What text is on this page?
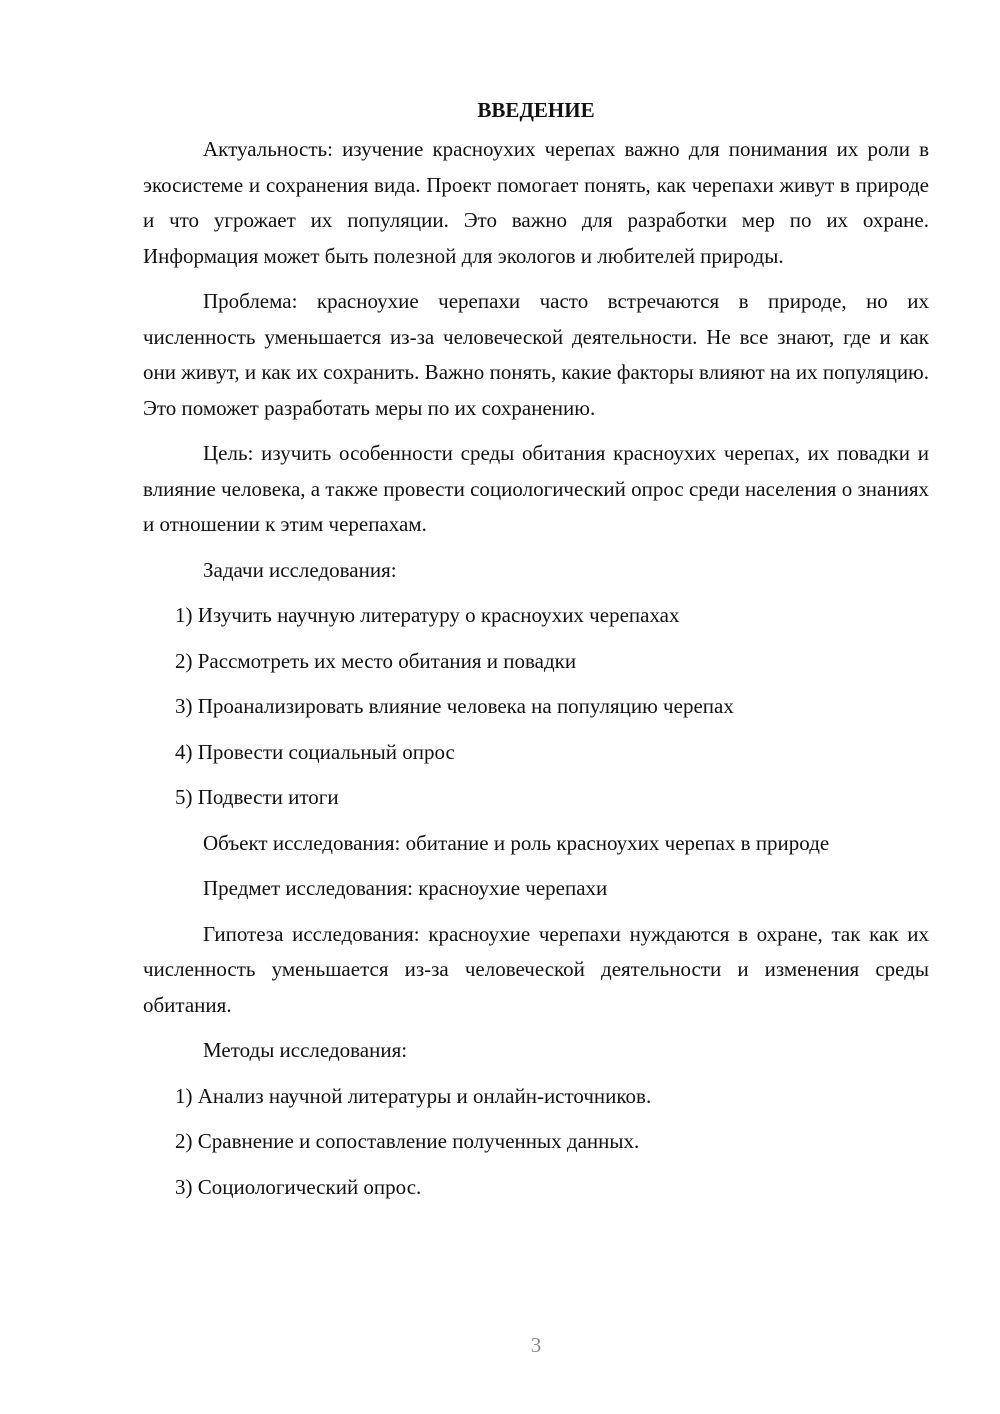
ВВЕДЕНИЕ

Актуальность: изучение красноухих черепах важно для понимания их роли в экосистеме и сохранения вида. Проект помогает понять, как черепахи живут в природе и что угрожает их популяции. Это важно для разработки мер по их охране. Информация может быть полезной для экологов и любителей природы.

Проблема: красноухие черепахи часто встречаются в природе, но их численность уменьшается из-за человеческой деятельности. Не все знают, где и как они живут, и как их сохранить. Важно понять, какие факторы влияют на их популяцию. Это поможет разработать меры по их сохранению.

Цель: изучить особенности среды обитания красноухих черепах, их повадки и влияние человека, а также провести социологический опрос среди населения о знаниях и отношении к этим черепахам.

Задачи исследования:

1) Изучить научную литературу о красноухих черепахах
2) Рассмотреть их место обитания и повадки
3) Проанализировать влияние человека на популяцию черепах
4) Провести социальный опрос
5) Подвести итоги

Объект исследования: обитание и роль красноухих черепах в природе

Предмет исследования: красноухие черепахи

Гипотеза исследования: красноухие черепахи нуждаются в охране, так как их численность уменьшается из-за человеческой деятельности и изменения среды обитания.

Методы исследования:

1) Анализ научной литературы и онлайн-источников.
2) Сравнение и сопоставление полученных данных.
3) Социологический опрос.
3
